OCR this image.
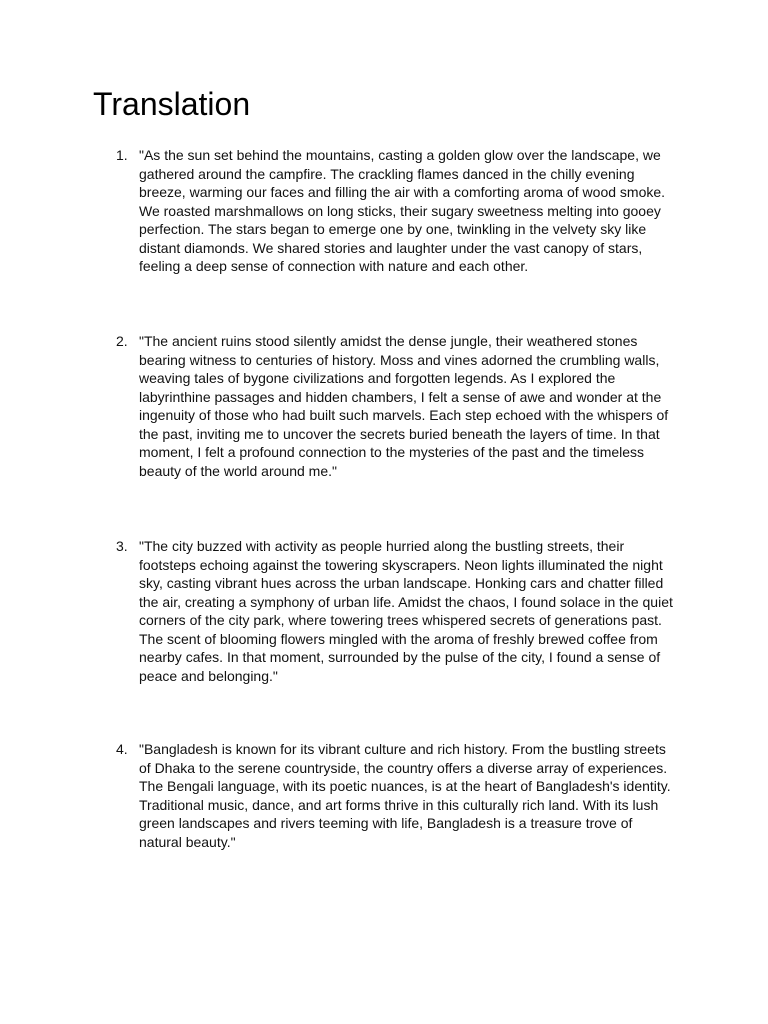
Translation
1. "As the sun set behind the mountains, casting a golden glow over the landscape, we gathered around the campfire. The crackling flames danced in the chilly evening breeze, warming our faces and filling the air with a comforting aroma of wood smoke. We roasted marshmallows on long sticks, their sugary sweetness melting into gooey perfection. The stars began to emerge one by one, twinkling in the velvety sky like distant diamonds. We shared stories and laughter under the vast canopy of stars, feeling a deep sense of connection with nature and each other.
2. "The ancient ruins stood silently amidst the dense jungle, their weathered stones bearing witness to centuries of history. Moss and vines adorned the crumbling walls, weaving tales of bygone civilizations and forgotten legends. As I explored the labyrinthine passages and hidden chambers, I felt a sense of awe and wonder at the ingenuity of those who had built such marvels. Each step echoed with the whispers of the past, inviting me to uncover the secrets buried beneath the layers of time. In that moment, I felt a profound connection to the mysteries of the past and the timeless beauty of the world around me."
3. "The city buzzed with activity as people hurried along the bustling streets, their footsteps echoing against the towering skyscrapers. Neon lights illuminated the night sky, casting vibrant hues across the urban landscape. Honking cars and chatter filled the air, creating a symphony of urban life. Amidst the chaos, I found solace in the quiet corners of the city park, where towering trees whispered secrets of generations past. The scent of blooming flowers mingled with the aroma of freshly brewed coffee from nearby cafes. In that moment, surrounded by the pulse of the city, I found a sense of peace and belonging."
4. "Bangladesh is known for its vibrant culture and rich history. From the bustling streets of Dhaka to the serene countryside, the country offers a diverse array of experiences. The Bengali language, with its poetic nuances, is at the heart of Bangladesh's identity. Traditional music, dance, and art forms thrive in this culturally rich land. With its lush green landscapes and rivers teeming with life, Bangladesh is a treasure trove of natural beauty."
